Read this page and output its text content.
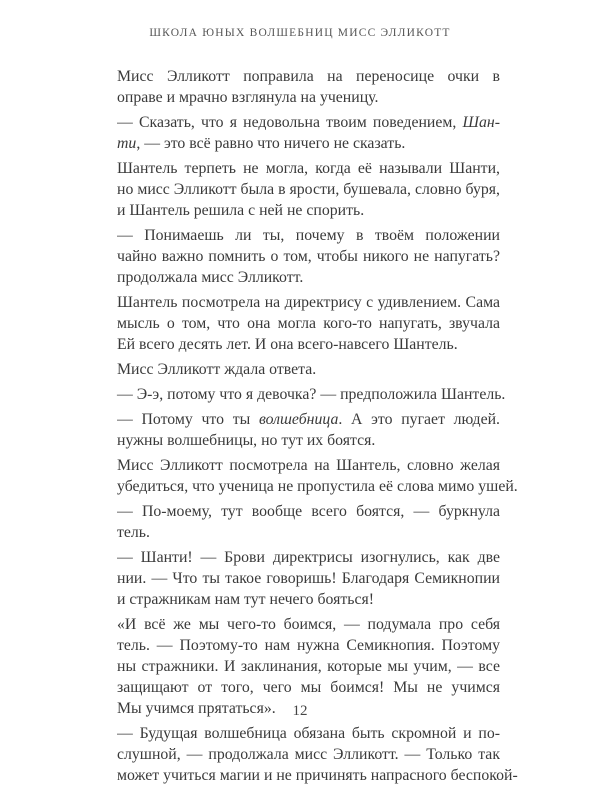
ШКОЛА ЮНЫХ ВОЛШЕБНИЦ МИСС ЭЛЛИКОТТ
Мисс Элликотт поправила на переносице очки в
оправе и мрачно взглянула на ученицу.
— Сказать, что я недовольна твоим поведением, Шан-
ти, — это всё равно что ничего не сказать.
Шантель терпеть не могла, когда её называли Шанти,
но мисс Элликотт была в ярости, бушевала, словно буря,
и Шантель решила с ней не спорить.
— Понимаешь ли ты, почему в твоём положении
чайно важно помнить о том, чтобы никого не напугать?
продолжала мисс Элликотт.
Шантель посмотрела на директрису с удивлением. Сама
мысль о том, что она могла кого-то напугать, звучала
Ей всего десять лет. И она всего-навсего Шантель.
Мисс Элликотт ждала ответа.
— Э-э, потому что я девочка? — предположила Шантель.
— Потому что ты волшебница. А это пугает людей.
нужны волшебницы, но тут их боятся.
Мисс Элликотт посмотрела на Шантель, словно желая
убедиться, что ученица не пропустила её слова мимо ушей.
— По-моему, тут вообще всего боятся, — буркнула
тель.
— Шанти! — Брови директрисы изогнулись, как две
нии. — Что ты такое говоришь! Благодаря Семикнопии
и стражникам нам тут нечего бояться!
«И всё же мы чего-то боимся, — подумала про себя
тель. — Поэтому-то нам нужна Семикнопия. Поэтому
ны стражники. И заклинания, которые мы учим, — все
защищают от того, чего мы боимся! Мы не учимся
Мы учимся прятаться».
— Будущая волшебница обязана быть скромной и по-
слушной, — продолжала мисс Элликотт. — Только так
может учиться магии и не причинять напрасного беспокой-
12
